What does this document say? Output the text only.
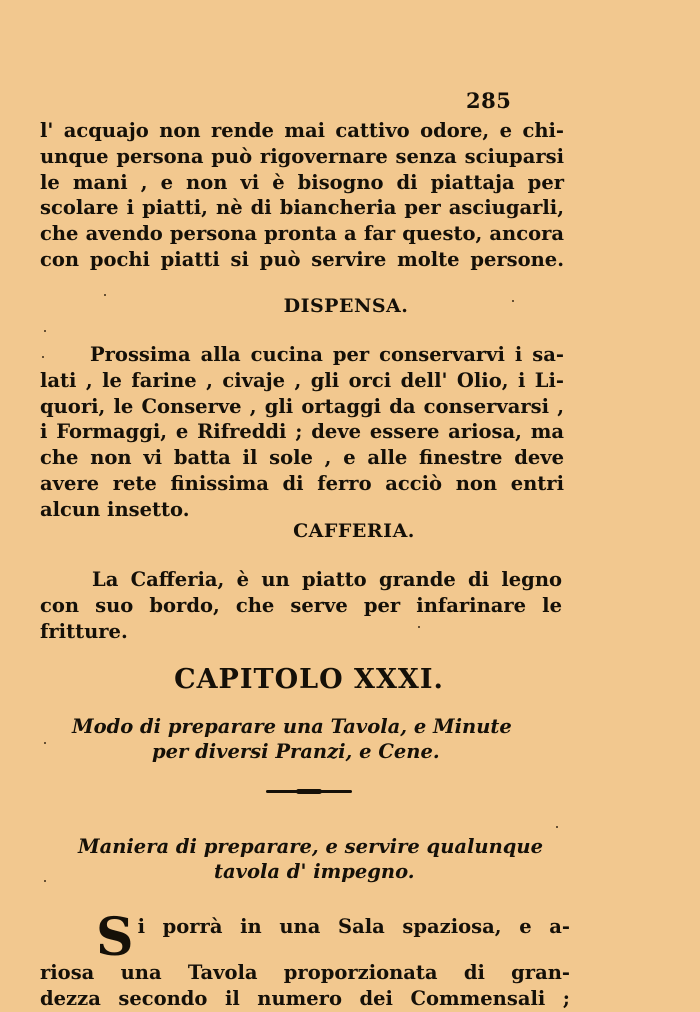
285
l' acquajo non rende mai cattivo odore, e chi-
unque persona può rigovernare senza sciuparsi
le mani , e non vi è bisogno di piattaja per
scolare i piatti, nè di biancheria per asciugarli,
che avendo persona pronta a far questo, ancora
con pochi piatti si può servire molte persone.
DISPENSA.
Prossima alla cucina per conservarvi i sa-
lati , le farine , civaje , gli orci dell' Olio, i Li-
quori, le Conserve , gli ortaggi da conservarsi ,
i Formaggi, e Rifreddi ; deve essere ariosa, ma
che non vi batta il sole , e alle finestre deve
avere rete finissima di ferro acciò non entri
alcun insetto.
CAFFERIA.
La Cafferia, è un piatto grande di legno
con suo bordo, che serve per infarinare le
fritture.
CAPITOLO XXXI.
Modo di preparare una Tavola, e Minute
per diversi Pranzi, e Cene.
Maniera di preparare, e servire qualunque
tavola d' impegno.
S i porrà in una Sala spaziosa, e a-
riosa una Tavola proporzionata di gran-
dezza secondo il numero dei Commensali ;
